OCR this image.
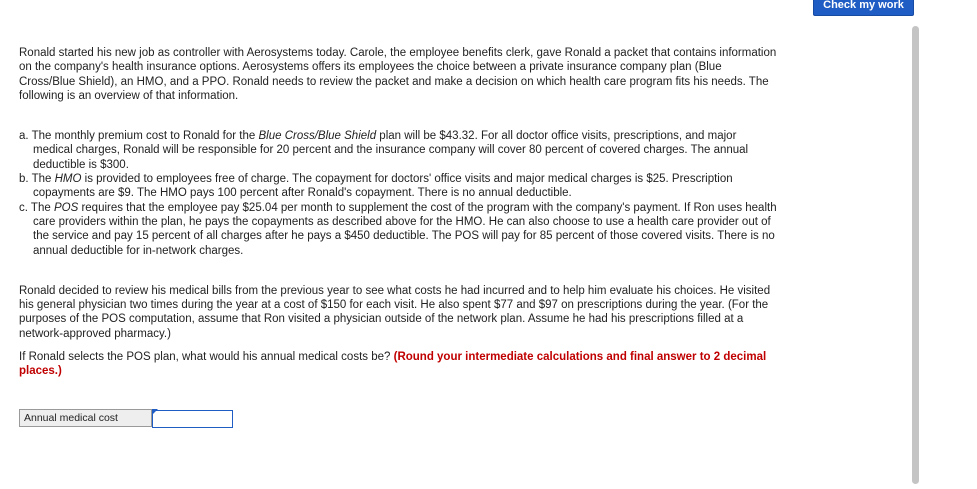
Check my work

Ronald started his new job as controller with Aerosystems today. Carole, the employee benefits clerk, gave Ronald a packet that contains information on the company's health insurance options. Aerosystems offers its employees the choice between a private insurance company plan (Blue Cross/Blue Shield), an HMO, and a PPO. Ronald needs to review the packet and make a decision on which health care program fits his needs. The following is an overview of that information.

a. The monthly premium cost to Ronald for the Blue Cross/Blue Shield plan will be $43.32. For all doctor office visits, prescriptions, and major medical charges, Ronald will be responsible for 20 percent and the insurance company will cover 80 percent of covered charges. The annual deductible is $300.
b. The HMO is provided to employees free of charge. The copayment for doctors' office visits and major medical charges is $25. Prescription copayments are $9. The HMO pays 100 percent after Ronald's copayment. There is no annual deductible.
c. The POS requires that the employee pay $25.04 per month to supplement the cost of the program with the company's payment. If Ron uses health care providers within the plan, he pays the copayments as described above for the HMO. He can also choose to use a health care provider out of the service and pay 15 percent of all charges after he pays a $450 deductible. The POS will pay for 85 percent of those covered visits. There is no annual deductible for in-network charges.

Ronald decided to review his medical bills from the previous year to see what costs he had incurred and to help him evaluate his choices. He visited his general physician two times during the year at a cost of $150 for each visit. He also spent $77 and $97 on prescriptions during the year. (For the purposes of the POS computation, assume that Ron visited a physician outside of the network plan. Assume he had his prescriptions filled at a network-approved pharmacy.)

If Ronald selects the POS plan, what would his annual medical costs be? (Round your intermediate calculations and final answer to 2 decimal places.)

Annual medical cost
